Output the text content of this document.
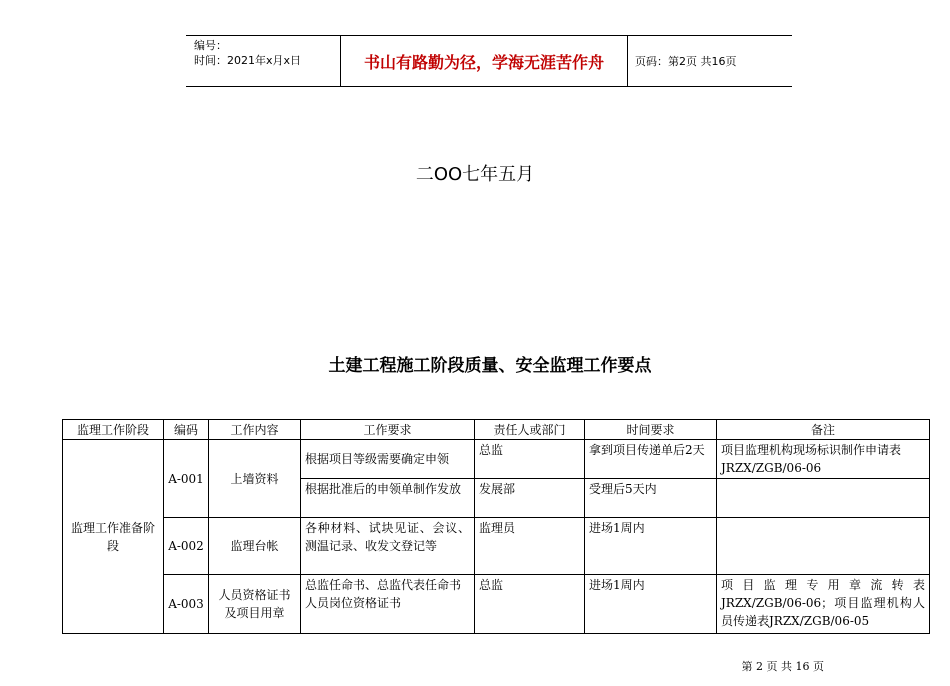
编号：
时间：2021年x月x日	书山有路勤为径，学海无涯苦作舟	页码：第2页 共16页
二OO七年五月
土建工程施工阶段质量、安全监理工作要点
监理工作阶段	编码	工作内容	工作要求	责任人或部门	时间要求	备注
监理工作准备阶段	A-001	上墙资料	根据项目等级需要确定申领	总监	拿到项目传递单后2天	项目监理机构现场标识制作申请表JRZX/ZGB/06-06
			根据批准后的申领单制作发放	发展部	受理后5天内	
	A-002	监理台帐	各种材料、试块见证、会议、测温记录、收发文登记等	监理员	进场1周内	
	A-003	人员资格证书及项目用章	总监任命书、总监代表任命书
人员岗位资格证书	总监	进场1周内	项目监理专用章流转表JRZX/ZGB/06-06；项目监理机构人员传递表JRZX/ZGB/06-05
第 2 页 共 16 页
